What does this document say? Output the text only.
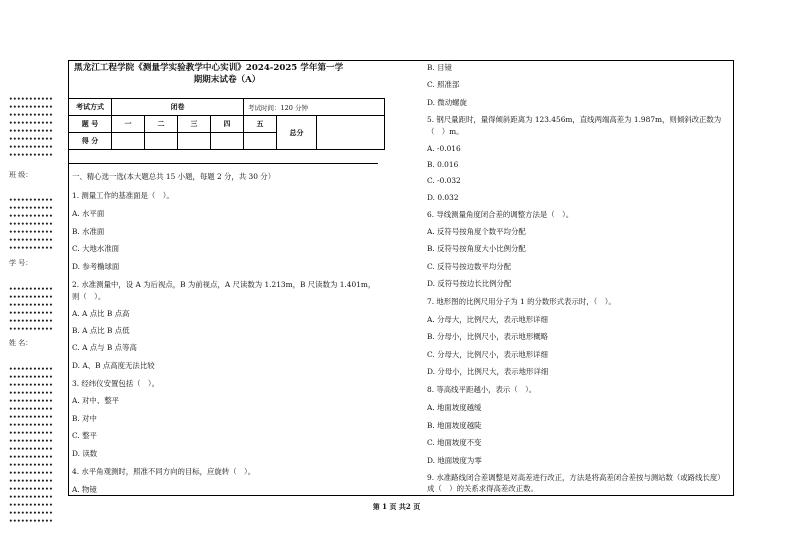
•••••••••••
•••••••••••
•••••••••••
•••••••••••
•••••••••••
•••••••••••
•••••••••••
•••••••••••
班 级：
•••••••••••
•••••••••••
•••••••••••
•••••••••••
•••••••••••
•••••••••••
•••••••••••
学 号：
•••••••••••
•••••••••••
•••••••••••
•••••••••••
•••••••••••
•••••••••••
姓 名：
•••••••••••
•••••••••••
•••••••••••
•••••••••••
•••••••••••
•••••••••••
•••••••••••
•••••••••••
•••••••••••
•••••••••••
•••••••••••
•••••••••••
•••••••••••
•••••••••••
•••••••••••
•••••••••••
•••••••••••
•••••••••••
•••••••••••
•••••••••••
黑龙江工程学院《测量学实验教学中心实训》2024-2025 学年第一学
期期末试卷（A）
考试方式	闭卷				考试时间：120 分钟		
题 号	一	二	三	四	五	总分	
得 分							
一、精心选一选(本大题总共 15 小题，每题 2 分，共 30 分）
1. 测量工作的基准面是（　）。
A. 水平面
B. 水准面
C. 大地水准面
D. 参考椭球面
2. 水准测量中，设 A 为后视点，B 为前视点，A 尺读数为 1.213m，B 尺读数为 1.401m，则（　）。
A. A 点比 B 点高
B. A 点比 B 点低
C. A 点与 B 点等高
D. A、B 点高度无法比较
3. 经纬仪安置包括（　）。
A. 对中、整平
B. 对中
C. 整平
D. 读数
4. 水平角观测时，照准不同方向的目标，应旋转（　）。
A. 物镜
B. 目镜
C. 照准部
D. 微动螺旋
5. 钢尺量距时，量得倾斜距离为 123.456m，直线两端高差为 1.987m，则倾斜改正数为（　）m。
A. -0.016
B. 0.016
C. -0.032
D. 0.032
6. 导线测量角度闭合差的调整方法是（　）。
A. 反符号按角度个数平均分配
B. 反符号按角度大小比例分配
C. 反符号按边数平均分配
D. 反符号按边长比例分配
7. 地形图的比例尺用分子为 1 的分数形式表示时，（　）。
A. 分母大，比例尺大，表示地形详细
B. 分母小，比例尺小，表示地形概略
C. 分母大，比例尺小，表示地形详细
D. 分母小，比例尺大，表示地形详细
8. 等高线平距越小，表示（　）。
A. 地面坡度越缓
B. 地面坡度越陡
C. 地面坡度不变
D. 地面坡度为零
9. 水准路线闭合差调整是对高差进行改正，方法是将高差闭合差按与测站数（或路线长度）成（　）的关系求得高差改正数。
第 1 页 共2 页
